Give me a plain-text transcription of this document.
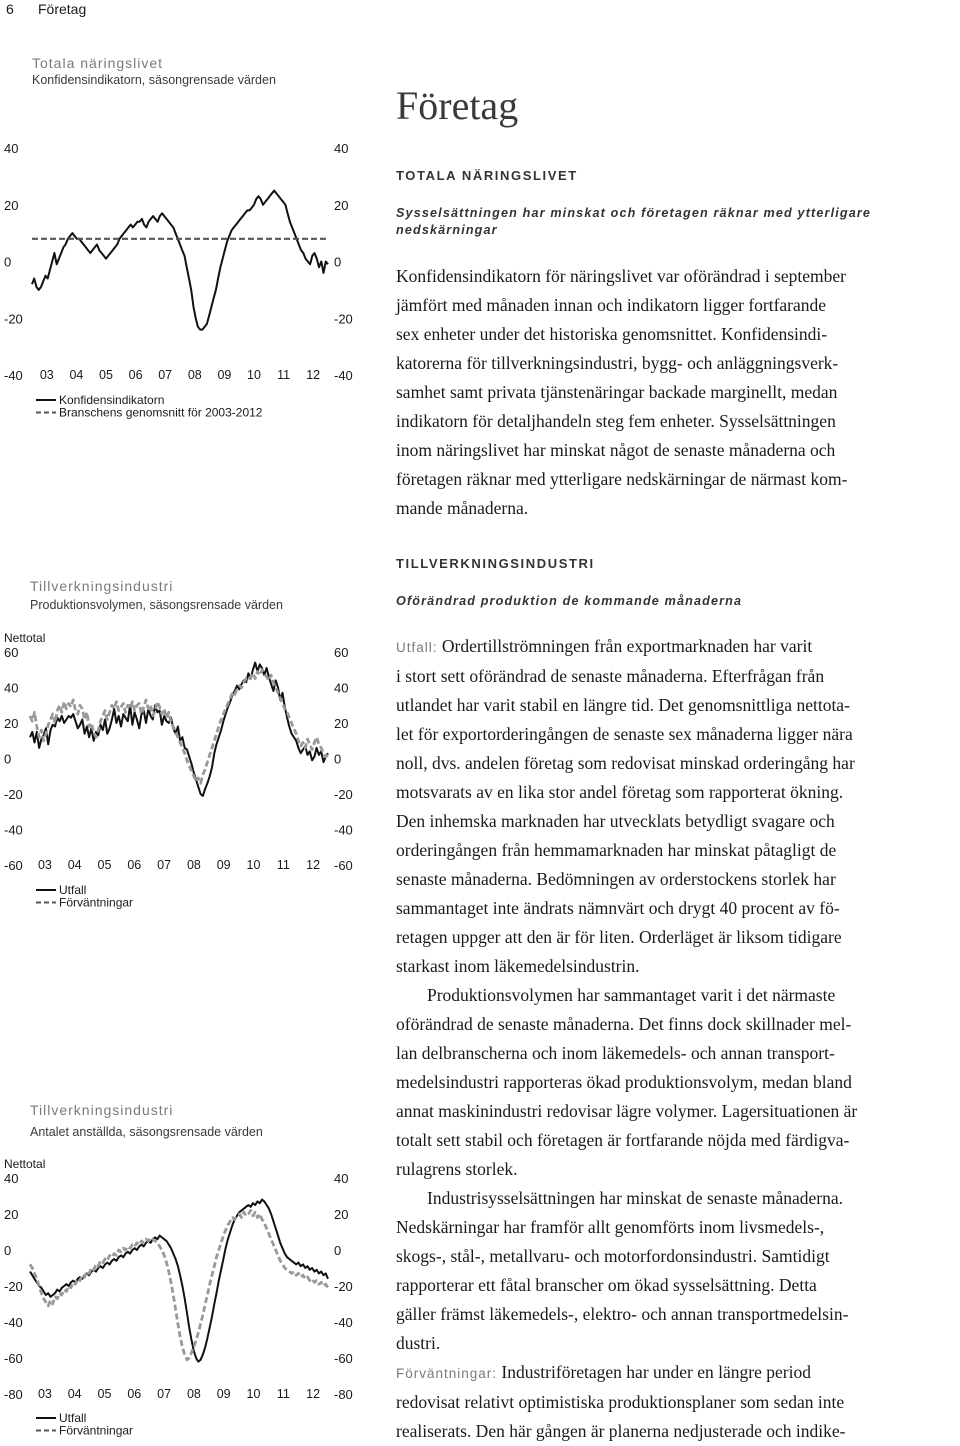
6 Företag
Totala näringslivet
Konfidensindikatorn, säsongrensade värden
40	40
20	20
0	0
-20	-20
-40	-40
03 04 05 06 07 08 09 10 11 12
Konfidensindikatorn
Branschens genomsnitt för 2003-2012
Tillverkningsindustri
Produktionsvolymen, säsongsrensade värden
60	60
40	40
20	20
0	0
-20	-20
-40	-40
-60	-60
Nettotal
03 04 05 06 07 08 09 10 11 12
Utfall
Förväntningar
Tillverkningsindustri
Antalet anställda, säsongsrensade värden
40	40
20	20
0	0
-20	-20
-40	-40
-60	-60
-80	-80
Nettotal
03 04 05 06 07 08 09 10 11 12
Utfall
Förväntningar
Företag
TOTALA NÄRINGSLIVET
Sysselsättningen har minskat och företagen räknar med ytterligare nedskärningar
Konfidensindikatorn för näringslivet var oförändrad i september
jämfört med månaden innan och indikatorn ligger fortfarande
sex enheter under det historiska genomsnittet. Konfidensindi-
katorerna för tillverkningsindustri, bygg- och anläggningsverk-
samhet samt privata tjänstenäringar backade marginellt, medan
indikatorn för detaljhandeln steg fem enheter. Sysselsättningen
inom näringslivet har minskat något de senaste månaderna och
företagen räknar med ytterligare nedskärningar de närmast kom-
mande månaderna.
TILLVERKNINGSINDUSTRI
Oförändrad produktion de kommande månaderna

Utfall: Ordertillströmningen från exportmarknaden har varit

i stort sett oförändrad de senaste månaderna. Efterfrågan från
utlandet har varit stabil en längre tid. Det genomsnittliga nettota-
let för exportorderingången de senaste sex månaderna ligger nära
noll, dvs. andelen företag som redovisat minskad orderingång har
motsvarats av en lika stor andel företag som rapporterat ökning.
Den inhemska marknaden har utvecklats betydligt svagare och
orderingången från hemmamarknaden har minskat påtagligt de
senaste månaderna. Bedömningen av orderstockens storlek har
sammantaget inte ändrats nämnvärt och drygt 40 procent av fö-
retagen uppger att den är för liten. Orderläget är liksom tidigare
starkast inom läkemedelsindustrin.
Produktionsvolymen har sammantaget varit i det närmaste
oförändrad de senaste månaderna. Det finns dock skillnader mel-
lan delbranscherna och inom läkemedels- och annan transport-
medelsindustri rapporteras ökad produktionsvolym, medan bland
annat maskinindustri redovisar lägre volymer. Lagersituationen är
totalt sett stabil och företagen är fortfarande nöjda med färdigva-
rulagrens storlek.
Industrisysselsättningen har minskat de senaste månaderna.
Nedskärningar har framför allt genomförts inom livsmedels-,
skogs-, stål-, metallvaru- och motorfordonsindustri. Samtidigt
rapporterar ett fåtal branscher om ökad sysselsättning. Detta
gäller främst läkemedels-, elektro- och annan transportmedelsin-
dustri.

Förväntningar: Industriföretagen har under en längre period

redovisat relativt optimistiska produktionsplaner som sedan inte
realiserats. Den här gången är planerna nedjusterade och indike-
